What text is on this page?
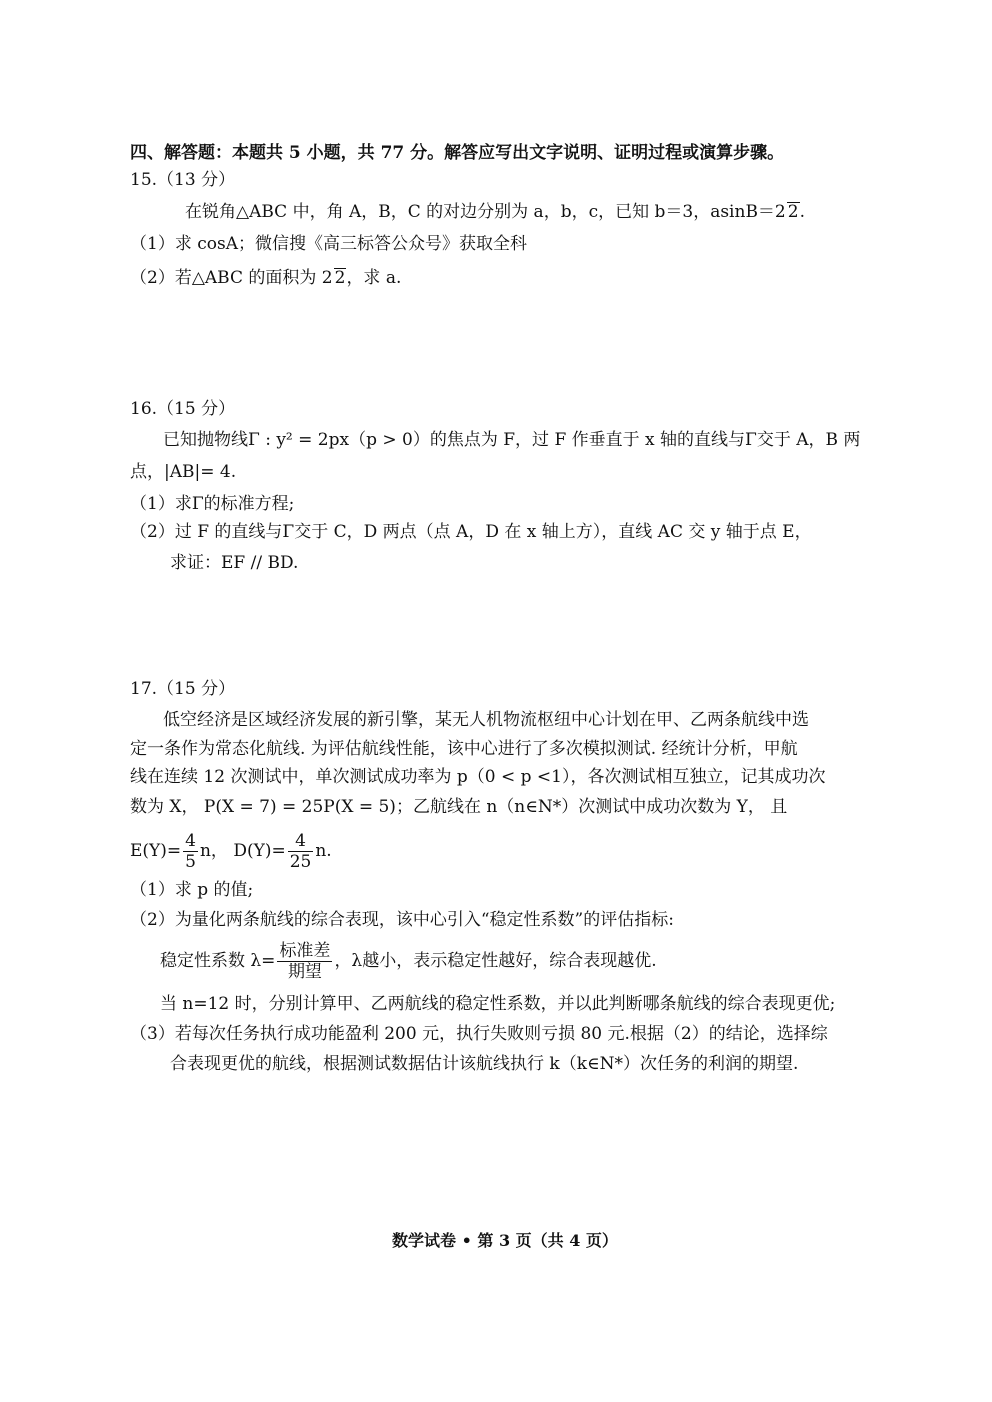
四、解答题：本题共 5 小题，共 77 分。解答应写出文字说明、证明过程或演算步骤。
15.（13 分）
在锐角△ABC 中，角 A，B，C 的对边分别为 a，b，c，已知 b＝3，asinB＝2 2.
（1）求 cosA；微信搜《高三标答公众号》获取全科
（2）若△ABC 的面积为 2 2，求 a.
16.（15 分）
已知抛物线Γ : y² = 2px（p > 0）的焦点为 F，过 F 作垂直于 x 轴的直线与Γ交于 A，B 两
点，|AB|= 4.
（1）求Γ的标准方程;
（2）过 F 的直线与Γ交于 C，D 两点（点 A，D 在 x 轴上方），直线 AC 交 y 轴于点 E，
求证：EF // BD.
17.（15 分）
低空经济是区域经济发展的新引擎，某无人机物流枢纽中心计划在甲、乙两条航线中选
定一条作为常态化航线. 为评估航线性能，该中心进行了多次模拟测试. 经统计分析，甲航
线在连续 12 次测试中，单次测试成功率为 p（0 < p <1），各次测试相互独立，记其成功次
数为 X， P(X = 7) = 25P(X = 5)；乙航线在 n（n∈N*）次测试中成功次数为 Y， 且
$E(Y)= \frac{4}{5}$ n， $D(Y)= \frac{4}{25} n$.
（1）求 p 的值;
（2）为量化两条航线的综合表现，该中心引入“稳定性系数”的评估指标:
稳定性系数 $\lambda= \frac{\text{标准差}}{\text{期望}}$ ，λ越小，表示稳定性越好，综合表现越优.
当 n=12 时，分别计算甲、乙两航线的稳定性系数，并以此判断哪条航线的综合表现更优;
（3）若每次任务执行成功能盈利 200 元，执行失败则亏损 80 元.根据（2）的结论，选择综
合表现更优的航线，根据测试数据估计该航线执行 k（k∈N*）次任务的利润的期望.
数学试卷 • 第 3 页（共 4 页）
